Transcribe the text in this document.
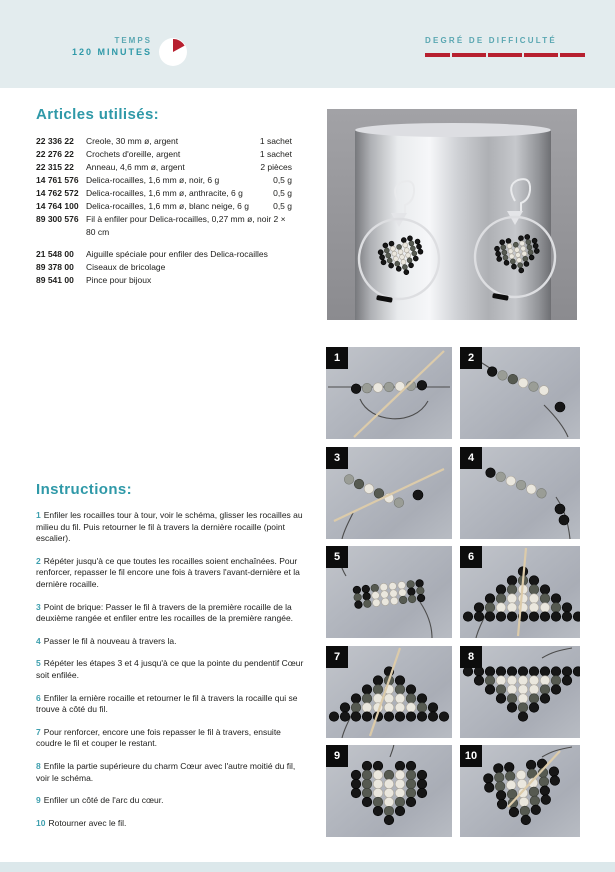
TEMPS
120 MINUTES
DEGRÉ DE DIFFICULTÉ
Articles utilisés:
22 336 22	Creole, 30 mm ø, argent	1 sachet
22 276 22	Crochets d'oreille, argent	1 sachet
22 315 22	Anneau, 4,6 mm ø, argent	2 pièces
14 761 576 Delica-rocailles, 1,6 mm ø, noir, 6 g	0,5 g
14 762 572 Delica-rocailles, 1,6 mm ø, anthracite, 6 g	0,5 g
14 764 100 Delica-rocailles, 1,6 mm ø, blanc neige, 6 g	0,5 g
89 300 576 Fil à enfiler pour Delica-rocailles, 0,27 mm ø, noir 2 × 80 cm
21 548 00	Aiguille spéciale pour enfiler des Delica-rocailles
89 378 00	Ciseaux de bricolage
89 541 00	Pince pour bijoux
1	2
3	4
5	6
7	8
9	10
Instructions:

1 Enfiler les rocailles tour à tour, voir le schéma, glisser les rocailles au milieu du fil. Puis retourner le fil à travers la dernière rocaille (point escalier).

2 Répéter jusqu'à ce que toutes les rocailles soient enchaînées. Pour renforcer, repasser le fil encore une fois à travers l'avant-dernière et la dernière rocaille.

3 Point de brique: Passer le fil à travers de la première rocaille de la deuxième rangée et enfiler entre les rocailles de la première rangée.

4 Passer le fil à nouveau à travers la.

5 Répéter les étapes 3 et 4 jusqu'à ce que la pointe du pendentif Cœur soit enfilée.

6 Enfiler la ernière rocaille et retourner le fil à travers la rocaille qui se trouve à côté du fil.

7 Pour renforcer, encore une fois repasser le fil à travers, ensuite coudre le fil et couper le restant.

8 Enfile la partie supérieure du charm Cœur avec l'autre moitié du fil, voir le schéma.

9 Enfiler un côté de l'arc du cœur.

10 Rotourner avec le fil.
